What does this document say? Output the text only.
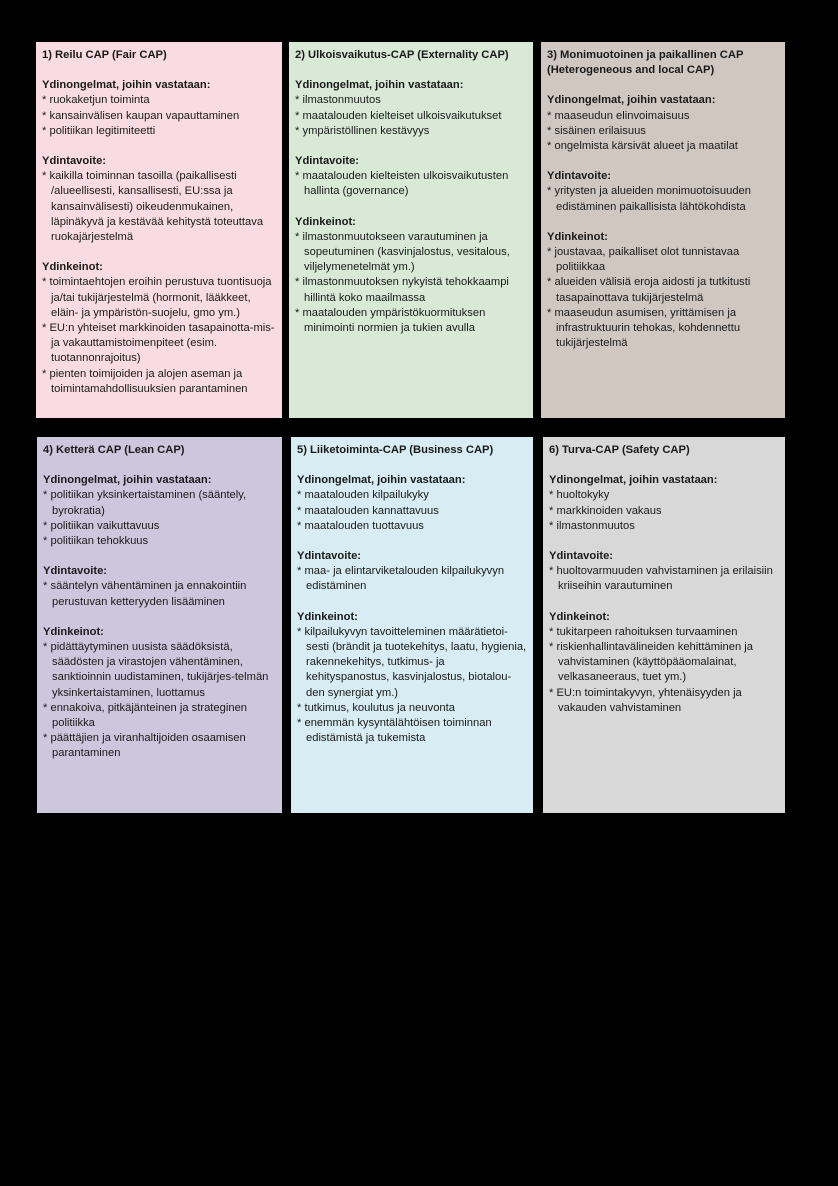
1) Reilu CAP (Fair CAP)
Ydinongelmat, joihin vastataan:
* ruokaketjun toiminta
* kansainvälisen kaupan vapauttaminen
* politiikan legitimiteetti
Ydintavoite:
* kaikilla toiminnan tasoilla (paikallisesti /alueellisesti, kansallisesti, EU:ssa ja kansainvälisesti) oikeudenmukainen, läpinäkyvä ja kestävää kehitystä toteuttava ruokajärjestelmä
Ydinkeinot:
* toimintaehtojen eroihin perustuva tuontisuoja ja/tai tukijärjestelmä (hormonit, lääkkeet, eläin- ja ympäristön-suojelu, gmo ym.)
* EU:n yhteiset markkinoiden tasapainotta-mis- ja vakauttamistoimenpiteet (esim. tuotannonrajoitus)
* pienten toimijoiden ja alojen aseman ja toimintamahdollisuuksien parantaminen
2) Ulkoisvaikutus-CAP (Externality CAP)
Ydinongelmat, joihin vastataan:
* ilmastonmuutos
* maatalouden kielteiset ulkoisvaikutukset
* ympäristöllinen kestävyys
Ydintavoite:
* maatalouden kielteisten ulkoisvaikutusten hallinta (governance)
Ydinkeinot:
* ilmastonmuutokseen varautuminen ja sopeutuminen (kasvinjalostus, vesitalous, viljelymenetelmät ym.)
* ilmastonmuutoksen nykyistä tehokkaampi hillintä koko maailmassa
* maatalouden ympäristökuormituksen minimointi normien ja tukien avulla
3) Monimuotoinen ja paikallinen CAP (Heterogeneous and local CAP)
Ydinongelmat, joihin vastataan:
* maaseudun elinvoimaisuus
* sisäinen erilaisuus
* ongelmista kärsivät alueet ja maatilat
Ydintavoite:
* yritysten ja alueiden monimuotoisuuden edistäminen paikallisista lähtökohdista
Ydinkeinot:
* joustavaa, paikalliset olot tunnistavaa politiikkaa
* alueiden välisiä eroja aidosti ja tutkitusti tasapainottava tukijärjestelmä
* maaseudun asumisen, yrittämisen ja infrastruktuurin tehokas, kohdennettu tukijärjestelmä
4) Ketterä CAP (Lean CAP)
Ydinongelmat, joihin vastataan:
* politiikan yksinkertaistaminen (sääntely, byrokratia)
* politiikan vaikuttavuus
* politiikan tehokkuus
Ydintavoite:
* sääntelyn vähentäminen ja ennakointiin perustuvan ketteryyden lisääminen
Ydinkeinot:
* pidättäytyminen uusista säädöksistä, säädösten ja virastojen vähentäminen, sanktioinnin uudistaminen, tukijärjes-telmän yksinkertaistaminen, luottamus
* ennakoiva, pitkäjänteinen ja strateginen politiikka
* päättäjien ja viranhaltijoiden osaamisen parantaminen
5) Liiketoiminta-CAP (Business CAP)
Ydinongelmat, joihin vastataan:
* maatalouden kilpailukyky
* maatalouden kannattavuus
* maatalouden tuottavuus
Ydintavoite:
* maa- ja elintarviketalouden kilpailukyvyn edistäminen
Ydinkeinot:
* kilpailukyvyn tavoitteleminen määrätietoi-sesti (brändit ja tuotekehitys, laatu, hygienia, rakennekehitys, tutkimus- ja kehityspanostus, kasvinjalostus, biotalou-den synergiat ym.)
* tutkimus, koulutus ja neuvonta
* enemmän kysyntälähtöisen toiminnan edistämistä ja tukemista
6) Turva-CAP (Safety CAP)
Ydinongelmat, joihin vastataan:
* huoltokyky
* markkinoiden vakaus
* ilmastonmuutos
Ydintavoite:
* huoltovarmuuden vahvistaminen ja erilaisiin kriiseihin varautuminen
Ydinkeinot:
* tukitarpeen rahoituksen turvaaminen
* riskienhallintavälineiden kehittäminen ja vahvistaminen (käyttöpääomalainat, velkasaneeraus, tuet ym.)
* EU:n toimintakyvyn, yhtenäisyyden ja vakauden vahvistaminen
